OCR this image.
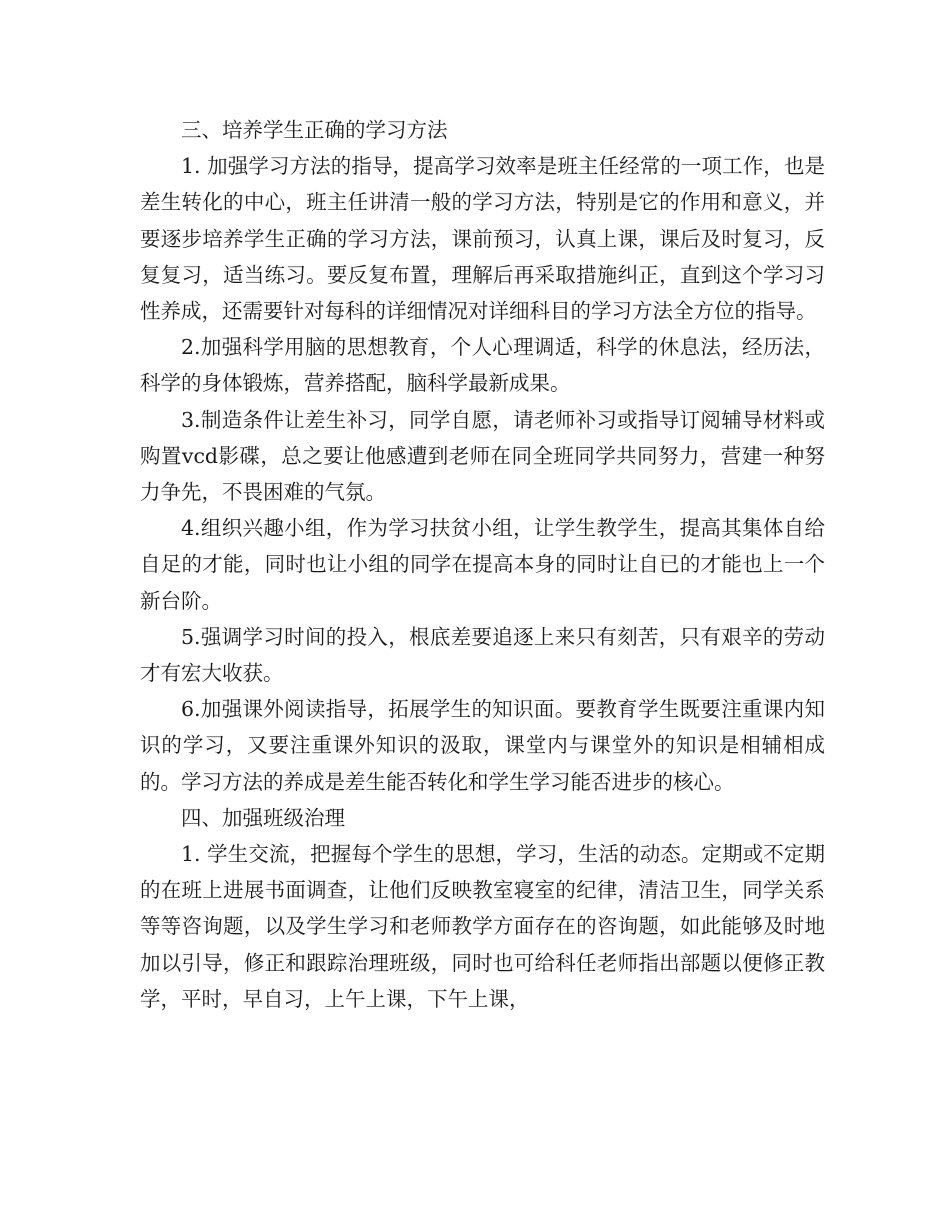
三、培养学生正确的学习方法

1. 加强学习方法的指导，提高学习效率是班主任经常的一项工作，也是差生转化的中心，班主任讲清一般的学习方法，特别是它的作用和意义，并要逐步培养学生正确的学习方法，课前预习，认真上课，课后及时复习，反复复习，适当练习。要反复布置，理解后再采取措施纠正，直到这个学习习性养成，还需要针对每科的详细情况对详细科目的学习方法全方位的指导。

2.加强科学用脑的思想教育，个人心理调适，科学的休息法，经历法，科学的身体锻炼，营养搭配，脑科学最新成果。

3.制造条件让差生补习，同学自愿，请老师补习或指导订阅辅导材料或购置vcd影碟，总之要让他感遭到老师在同全班同学共同努力，营建一种努力争先，不畏困难的气氛。

4.组织兴趣小组，作为学习扶贫小组，让学生教学生，提高其集体自给自足的才能，同时也让小组的同学在提高本身的同时让自已的才能也上一个新台阶。

5.强调学习时间的投入，根底差要追逐上来只有刻苦，只有艰辛的劳动才有宏大收获。

6.加强课外阅读指导，拓展学生的知识面。要教育学生既要注重课内知识的学习，又要注重课外知识的汲取，课堂内与课堂外的知识是相辅相成的。学习方法的养成是差生能否转化和学生学习能否进步的核心。

四、加强班级治理

1. 学生交流，把握每个学生的思想，学习，生活的动态。定期或不定期的在班上进展书面调查，让他们反映教室寝室的纪律，清洁卫生，同学关系等等咨询题，以及学生学习和老师教学方面存在的咨询题，如此能够及时地加以引导，修正和跟踪治理班级，同时也可给科任老师指出部题以便修正教学，平时，早自习，上午上课，下午上课，
